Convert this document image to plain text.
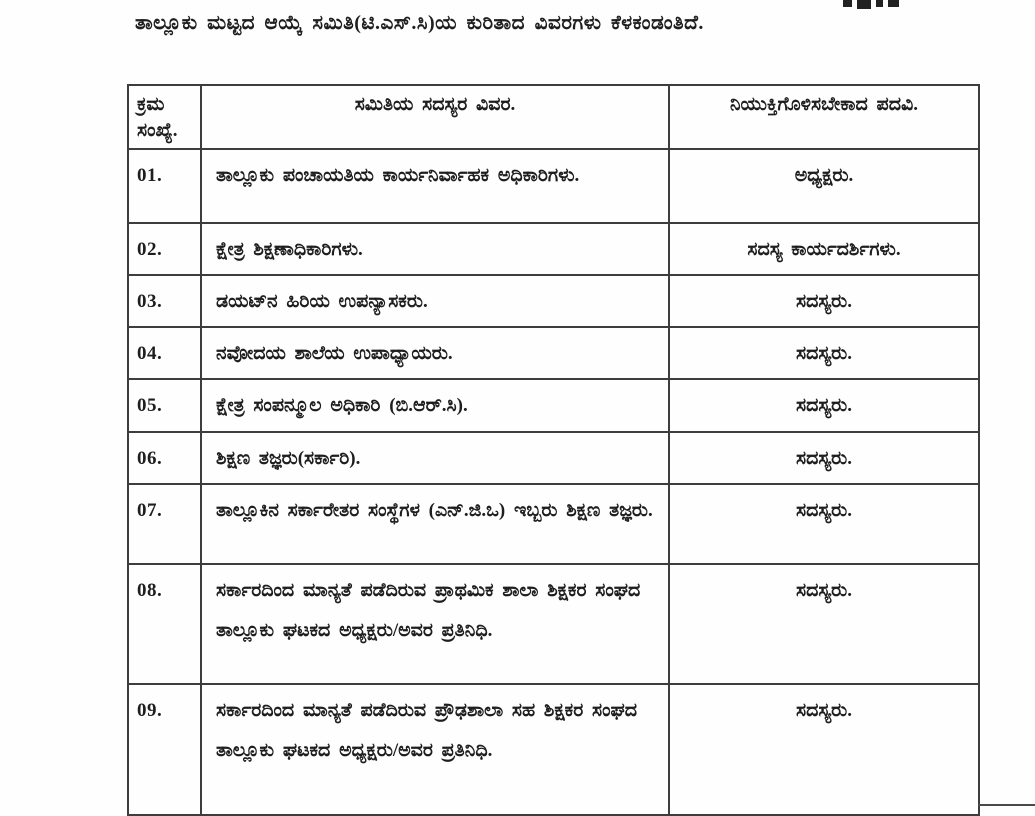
ತಾಲ್ಲೂಕು ಮಟ್ಟದ ಆಯ್ಕೆ ಸಮಿತಿ(ಟಿ.ಎಸ್.ಸಿ)ಯ ಕುರಿತಾದ ವಿವರಗಳು ಕೆಳಕಂಡಂತಿದೆ.
ಕ್ರಮ ಸಂಖ್ಯೆ.	ಸಮಿತಿಯ ಸದಸ್ಯರ ವಿವರ.	ನಿಯುಕ್ತಿಗೊಳಿಸಬೇಕಾದ ಪದವಿ.
01.	ತಾಲ್ಲೂಕು ಪಂಚಾಯತಿಯ ಕಾರ್ಯನಿರ್ವಾಹಕ ಅಧಿಕಾರಿಗಳು.	ಅಧ್ಯಕ್ಷರು.
02.	ಕ್ಷೇತ್ರ ಶಿಕ್ಷಣಾಧಿಕಾರಿಗಳು.	ಸದಸ್ಯ ಕಾರ್ಯದರ್ಶಿಗಳು.
03.	ಡಯಟ್‌ನ ಹಿರಿಯ ಉಪನ್ಯಾಸಕರು.	ಸದಸ್ಯರು.
04.	ನವೋದಯ ಶಾಲೆಯ ಉಪಾಧ್ಯಾಯರು.	ಸದಸ್ಯರು.
05.	ಕ್ಷೇತ್ರ ಸಂಪನ್ಮೂಲ ಅಧಿಕಾರಿ (ಬಿ.ಆರ್.ಸಿ).	ಸದಸ್ಯರು.
06.	ಶಿಕ್ಷಣ ತಜ್ಞರು(ಸರ್ಕಾರಿ).	ಸದಸ್ಯರು.
07.	ತಾಲ್ಲೂಕಿನ ಸರ್ಕಾರೇತರ ಸಂಸ್ಥೆಗಳ (ಎನ್.ಜಿ.ಒ) ಇಬ್ಬರು ಶಿಕ್ಷಣ ತಜ್ಞರು.	ಸದಸ್ಯರು.
08.	ಸರ್ಕಾರದಿಂದ ಮಾನ್ಯತೆ ಪಡೆದಿರುವ ಪ್ರಾಥಮಿಕ ಶಾಲಾ ಶಿಕ್ಷಕರ ಸಂಘದ ತಾಲ್ಲೂಕು ಘಟಕದ ಅಧ್ಯಕ್ಷರು/ಅವರ ಪ್ರತಿನಿಧಿ.	ಸದಸ್ಯರು.
09.	ಸರ್ಕಾರದಿಂದ ಮಾನ್ಯತೆ ಪಡೆದಿರುವ ಪ್ರೌಢಶಾಲಾ ಸಹ ಶಿಕ್ಷಕರ ಸಂಘದ ತಾಲ್ಲೂಕು ಘಟಕದ ಅಧ್ಯಕ್ಷರು/ಅವರ ಪ್ರತಿನಿಧಿ.	ಸದಸ್ಯರು.
